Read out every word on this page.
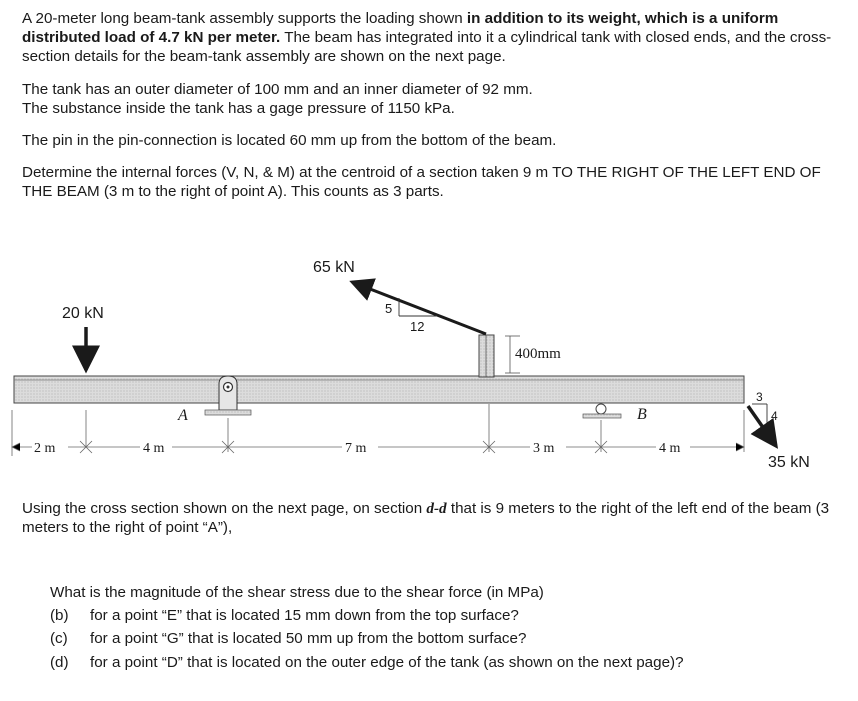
A 20-meter long beam-tank assembly supports the loading shown in addition to its weight, which is a uniform distributed load of 4.7 kN per meter. The beam has integrated into it a cylindrical tank with closed ends, and the cross-section details for the beam-tank assembly are shown on the next page.

The tank has an outer diameter of 100 mm and an inner diameter of 92 mm.
The substance inside the tank has a gage pressure of 1150 kPa.

The pin in the pin-connection is located 60 mm up from the bottom of the beam.

Determine the internal forces (V, N, & M) at the centroid of a section taken 9 m TO THE RIGHT OF THE LEFT END OF THE BEAM (3 m to the right of point A). This counts as 3 parts.

400mm
20 kN
65 kN
5
12
A	B
3
4
35 kN
2 m	4 m	7 m	3 m	4 m

Using the cross section shown on the next page, on section d-d that is 9 meters to the right of the left end of the beam (3 meters to the right of point “A”),

What is the magnitude of the shear stress due to the shear force (in MPa)

(b) for a point “E” that is located 15 mm down from the top surface?
(c) for a point “G” that is located 50 mm up from the bottom surface?
(d) for a point “D” that is located on the outer edge of the tank (as shown on the next page)?
